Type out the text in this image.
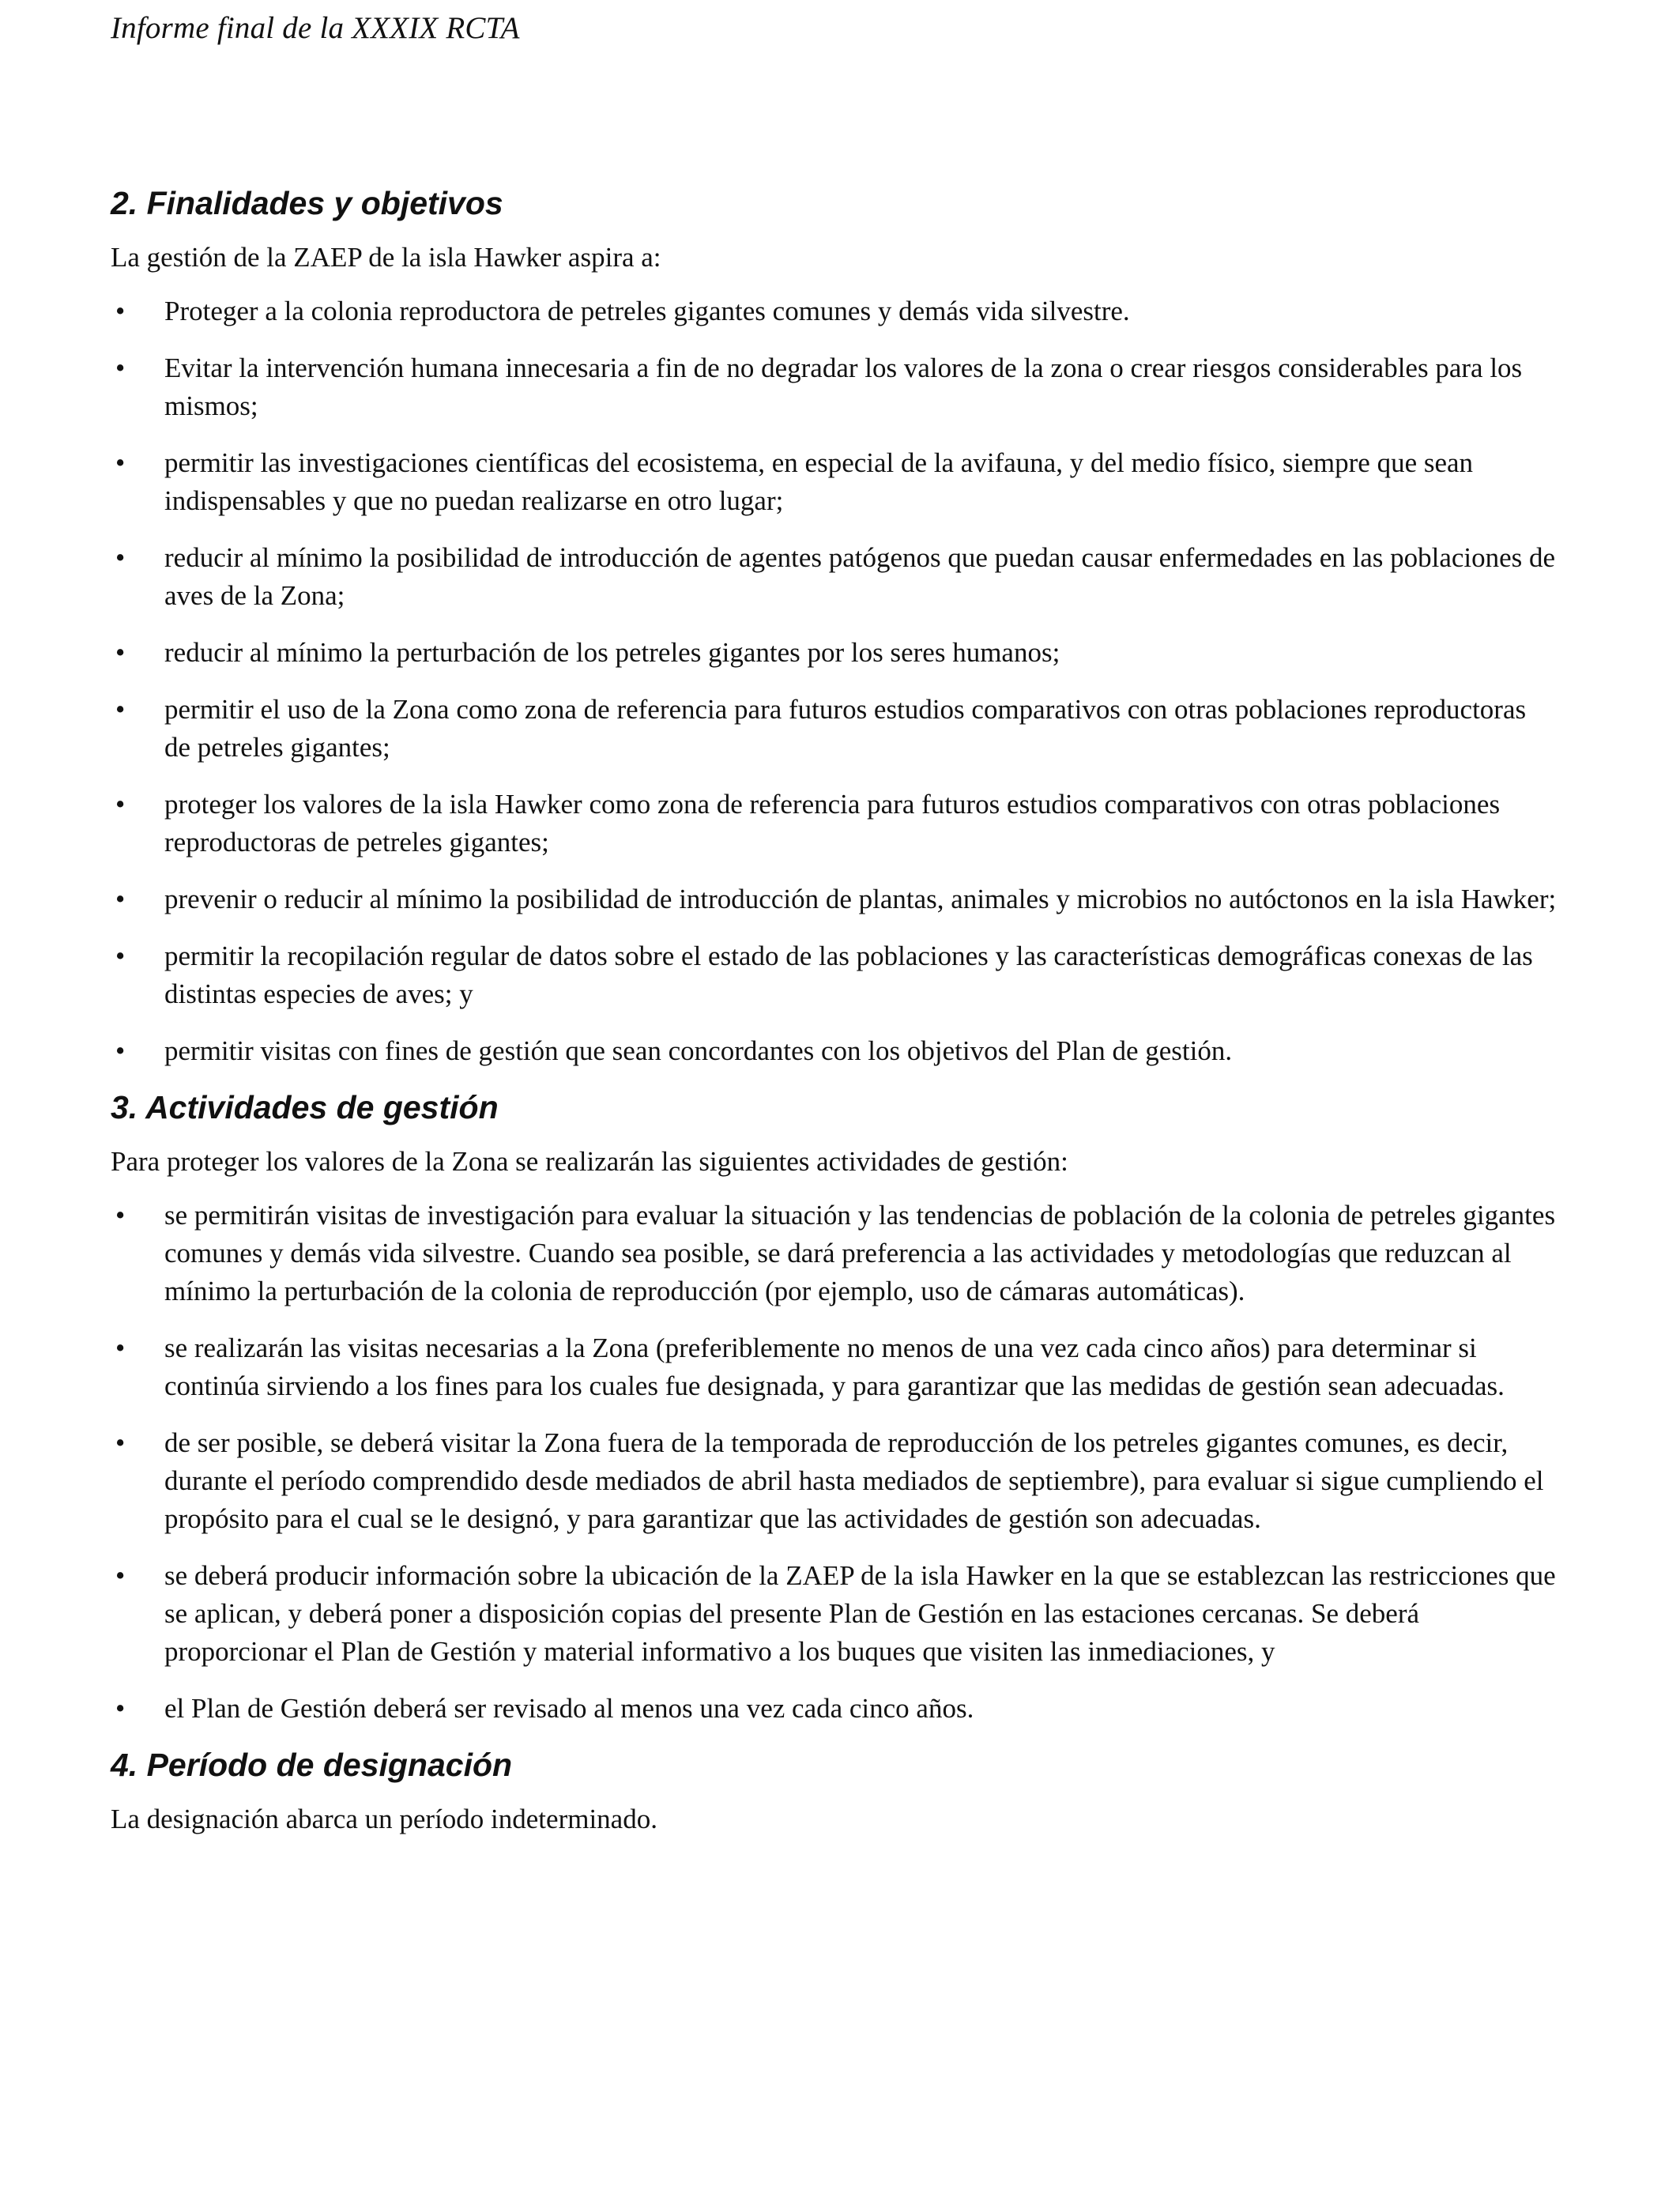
Informe final de la XXXIX RCTA
2. Finalidades y objetivos

La gestión de la ZAEP de la isla Hawker aspira a:

• Proteger a la colonia reproductora de petreles gigantes comunes y demás vida silvestre.
• Evitar la intervención humana innecesaria a fin de no degradar los valores de la zona o crear riesgos considerables para los mismos;
• permitir las investigaciones científicas del ecosistema, en especial de la avifauna, y del medio físico, siempre que sean indispensables y que no puedan realizarse en otro lugar;
• reducir al mínimo la posibilidad de introducción de agentes patógenos que puedan causar enfermedades en las poblaciones de aves de la Zona;
• reducir al mínimo la perturbación de los petreles gigantes por los seres humanos;
• permitir el uso de la Zona como zona de referencia para futuros estudios comparativos con otras poblaciones reproductoras de petreles gigantes;
• proteger los valores de la isla Hawker como zona de referencia para futuros estudios comparativos con otras poblaciones reproductoras de petreles gigantes;
• prevenir o reducir al mínimo la posibilidad de introducción de plantas, animales y microbios no autóctonos en la isla Hawker;
• permitir la recopilación regular de datos sobre el estado de las poblaciones y las características demográficas conexas de las distintas especies de aves; y
• permitir visitas con fines de gestión que sean concordantes con los objetivos del Plan de gestión.
3. Actividades de gestión

Para proteger los valores de la Zona se realizarán las siguientes actividades de gestión:

• se permitirán visitas de investigación para evaluar la situación y las tendencias de población de la colonia de petreles gigantes comunes y demás vida silvestre. Cuando sea posible, se dará preferencia a las actividades y metodologías que reduzcan al mínimo la perturbación de la colonia de reproducción (por ejemplo, uso de cámaras automáticas).
• se realizarán las visitas necesarias a la Zona (preferiblemente no menos de una vez cada cinco años) para determinar si continúa sirviendo a los fines para los cuales fue designada, y para garantizar que las medidas de gestión sean adecuadas.
• de ser posible, se deberá visitar la Zona fuera de la temporada de reproducción de los petreles gigantes comunes, es decir, durante el período comprendido desde mediados de abril hasta mediados de septiembre), para evaluar si sigue cumpliendo el propósito para el cual se le designó, y para garantizar que las actividades de gestión son adecuadas.
• se deberá producir información sobre la ubicación de la ZAEP de la isla Hawker en la que se establezcan las restricciones que se aplican, y deberá poner a disposición copias del presente Plan de Gestión en las estaciones cercanas. Se deberá proporcionar el Plan de Gestión y material informativo a los buques que visiten las inmediaciones, y
• el Plan de Gestión deberá ser revisado al menos una vez cada cinco años.
4. Período de designación

La designación abarca un período indeterminado.
